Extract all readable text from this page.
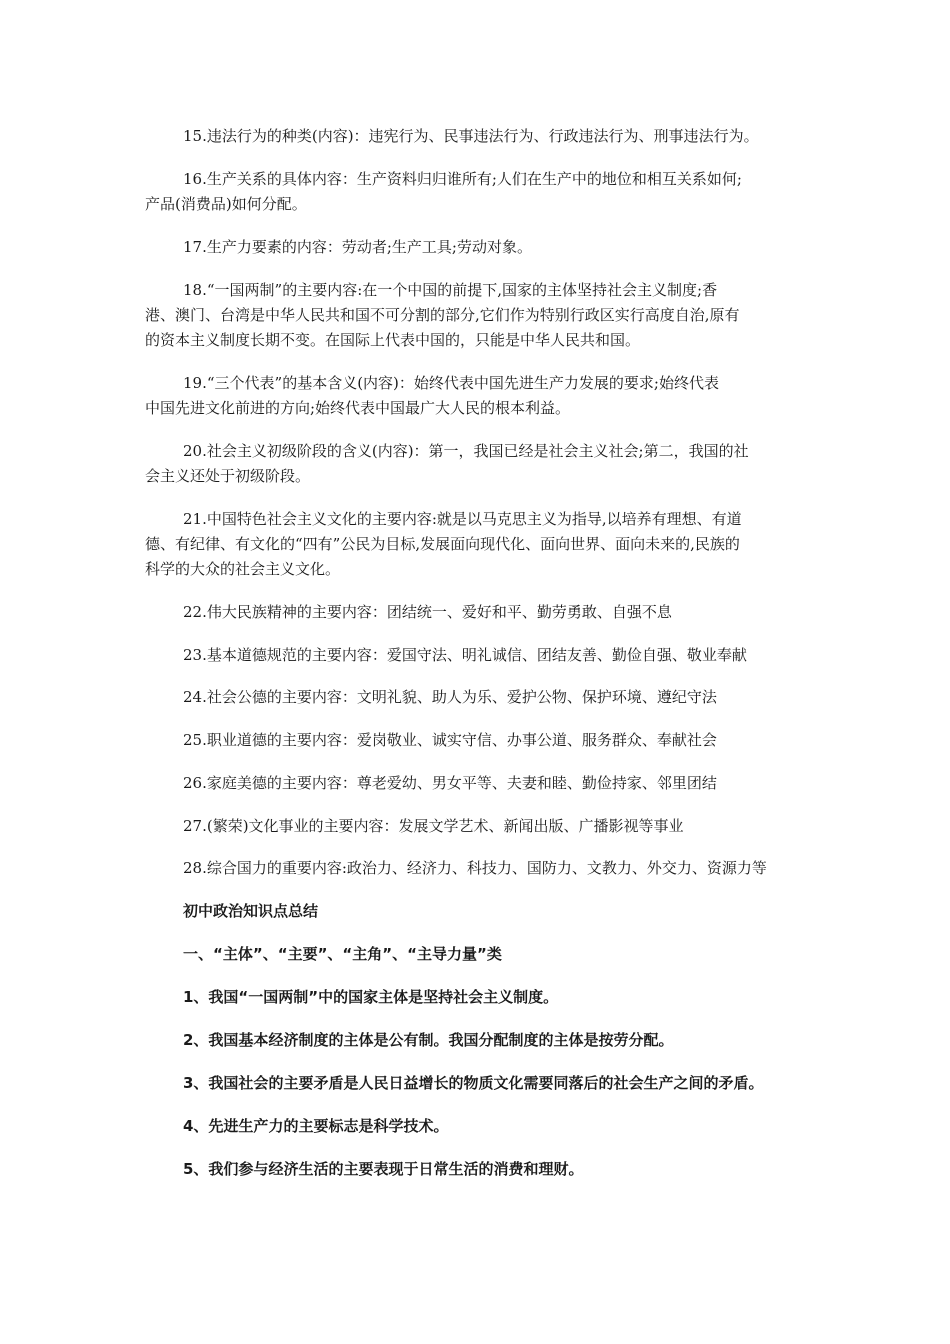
15.违法行为的种类(内容)：违宪行为、民事违法行为、行政违法行为、刑事违法行为。
16.生产关系的具体内容：生产资料归归谁所有;人们在生产中的地位和相互关系如何;
产品(消费品)如何分配。
17.生产力要素的内容：劳动者;生产工具;劳动对象。
18.“一国两制”的主要内容:在一个中国的前提下,国家的主体坚持社会主义制度;香
港、澳门、台湾是中华人民共和国不可分割的部分,它们作为特别行政区实行高度自治,原有
的资本主义制度长期不变。在国际上代表中国的，只能是中华人民共和国。
19.“三个代表”的基本含义(内容)：始终代表中国先进生产力发展的要求;始终代表
中国先进文化前进的方向;始终代表中国最广大人民的根本利益。
20.社会主义初级阶段的含义(内容)：第一，我国已经是社会主义社会;第二，我国的社
会主义还处于初级阶段。
21.中国特色社会主义文化的主要内容:就是以马克思主义为指导,以培养有理想、有道
德、有纪律、有文化的“四有”公民为目标,发展面向现代化、面向世界、面向未来的,民族的
科学的大众的社会主义文化。
22.伟大民族精神的主要内容：团结统一、爱好和平、勤劳勇敢、自强不息
23.基本道德规范的主要内容：爱国守法、明礼诚信、团结友善、勤俭自强、敬业奉献
24.社会公德的主要内容：文明礼貌、助人为乐、爱护公物、保护环境、遵纪守法
25.职业道德的主要内容：爱岗敬业、诚实守信、办事公道、服务群众、奉献社会
26.家庭美德的主要内容：尊老爱幼、男女平等、夫妻和睦、勤俭持家、邻里团结
27.(繁荣)文化事业的主要内容：发展文学艺术、新闻出版、广播影视等事业
28.综合国力的重要内容:政治力、经济力、科技力、国防力、文教力、外交力、资源力等
初中政治知识点总结
一、“主体”、“主要”、“主角”、“主导力量”类
1、我国“一国两制”中的国家主体是坚持社会主义制度。
2、我国基本经济制度的主体是公有制。我国分配制度的主体是按劳分配。
3、我国社会的主要矛盾是人民日益增长的物质文化需要同落后的社会生产之间的矛盾。
4、先进生产力的主要标志是科学技术。
5、我们参与经济生活的主要表现于日常生活的消费和理财。
